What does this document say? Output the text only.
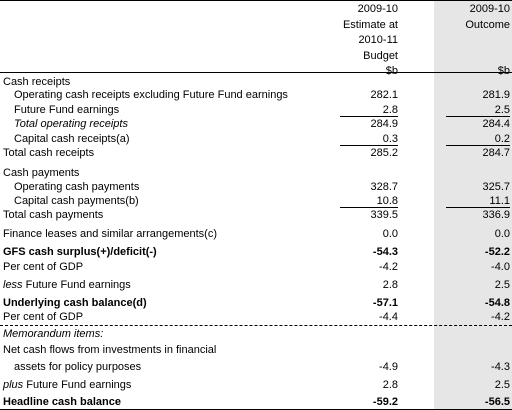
2009-10
Estimate at
2010-11
Budget
$b
2009-10
Outcome

$b
Cash receipts
Operating cash receipts excluding Future Fund earnings	282.1	281.9
Future Fund earnings	2.8	2.5
Total operating receipts	284.9	284.4
Capital cash receipts(a)	0.3	0.2
Total cash receipts	285.2	284.7
Cash payments
Operating cash payments	328.7	325.7
Capital cash payments(b)	10.8	11.1
Total cash payments	339.5	336.9
Finance leases and similar arrangements(c)	0.0	0.0
GFS cash surplus(+)/deficit(-)	-54.3	-52.2
Per cent of GDP	-4.2	-4.0
less Future Fund earnings	2.8	2.5
Underlying cash balance(d)	-57.1	-54.8
Per cent of GDP	-4.4	-4.2
Memorandum items:
Net cash flows from investments in financial
assets for policy purposes	-4.9	-4.3
plus Future Fund earnings	2.8	2.5
Headline cash balance	-59.2	-56.5
